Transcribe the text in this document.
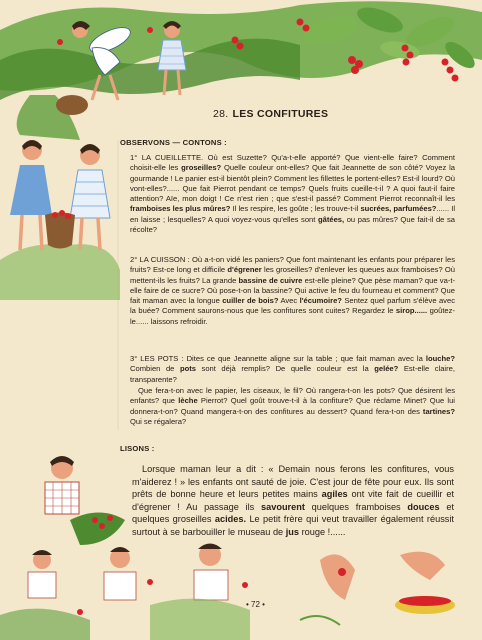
28. LES CONFITURES
OBSERVONS — CONTONS :
1° LA CUEILLETTE. Où est Suzette? Qu'a-t-elle apporté? Que vient-elle faire? Comment choisit-elle les groseilles? Quelle couleur ont-elles? Que fait Jeannette de son côté? Voyez la gourmande ! Le panier est-il bientôt plein? Comment les fillettes le portent-elles? Est-il lourd? Où vont-elles?...... Que fait Pierrot pendant ce temps? Quels fruits cueille-t-il ? A quoi faut-il faire attention? Aïe, mon doigt ! Ce n'est rien ; que s'est-il passé? Comment Pierrot reconnaît-il les framboises les plus mûres? Il les respire, les goûte ; les trouve-t-il sucrées, parfumées?...... Il en laisse ; lesquelles? A quoi voyez-vous qu'elles sont gâtées, ou pas mûres? Que fait-il de sa récolte?
2° LA CUISSON : Où a-t-on vidé les paniers? Que font maintenant les enfants pour préparer les fruits? Est-ce long et difficile d'égrener les groseilles? d'enlever les queues aux framboises? Où mettent-ils les fruits? La grande bassine de cuivre est-elle pleine? Que pèse maman? que va-t-elle faire de ce sucre? Où pose-t-on la bassine? Qui active le feu du fourneau et comment? Que fait maman avec la longue cuiller de bois? Avec l'écumoire? Sentez quel parfum s'élève avec la buée? Comment saurons-nous que les confitures sont cuites? Regardez le sirop...... goûtez-le...... laissons refroidir.
3° LES POTS : Dites ce que Jeannette aligne sur la table ; que fait maman avec la louche? Combien de pots sont déjà remplis? De quelle couleur est la gelée? Est-elle claire, transparente?
Que fera-t-on avec le papier, les ciseaux, le fil? Où rangera-t-on les pots? Que désirent les enfants? que lèche Pierrot? Quel goût trouve-t-il à la confiture? Que réclame Minet? Que lui donnera-t-on? Quand mangera-t-on des confitures au dessert? Quand fera-t-on des tartines? Qui se régalera?
LISONS :
Lorsque maman leur a dit : « Demain nous ferons les confitures, vous m'aiderez ! » les enfants ont sauté de joie. C'est jour de fête pour eux. Ils sont prêts de bonne heure et leurs petites mains agiles ont vite fait de cueillir et d'égrener ! Au passage ils savourent quelques framboises douces et quelques groseilles acides. Le petit frère qui veut travailler également réussit surtout à se barbouiller le museau de jus rouge !......
• 72 •
